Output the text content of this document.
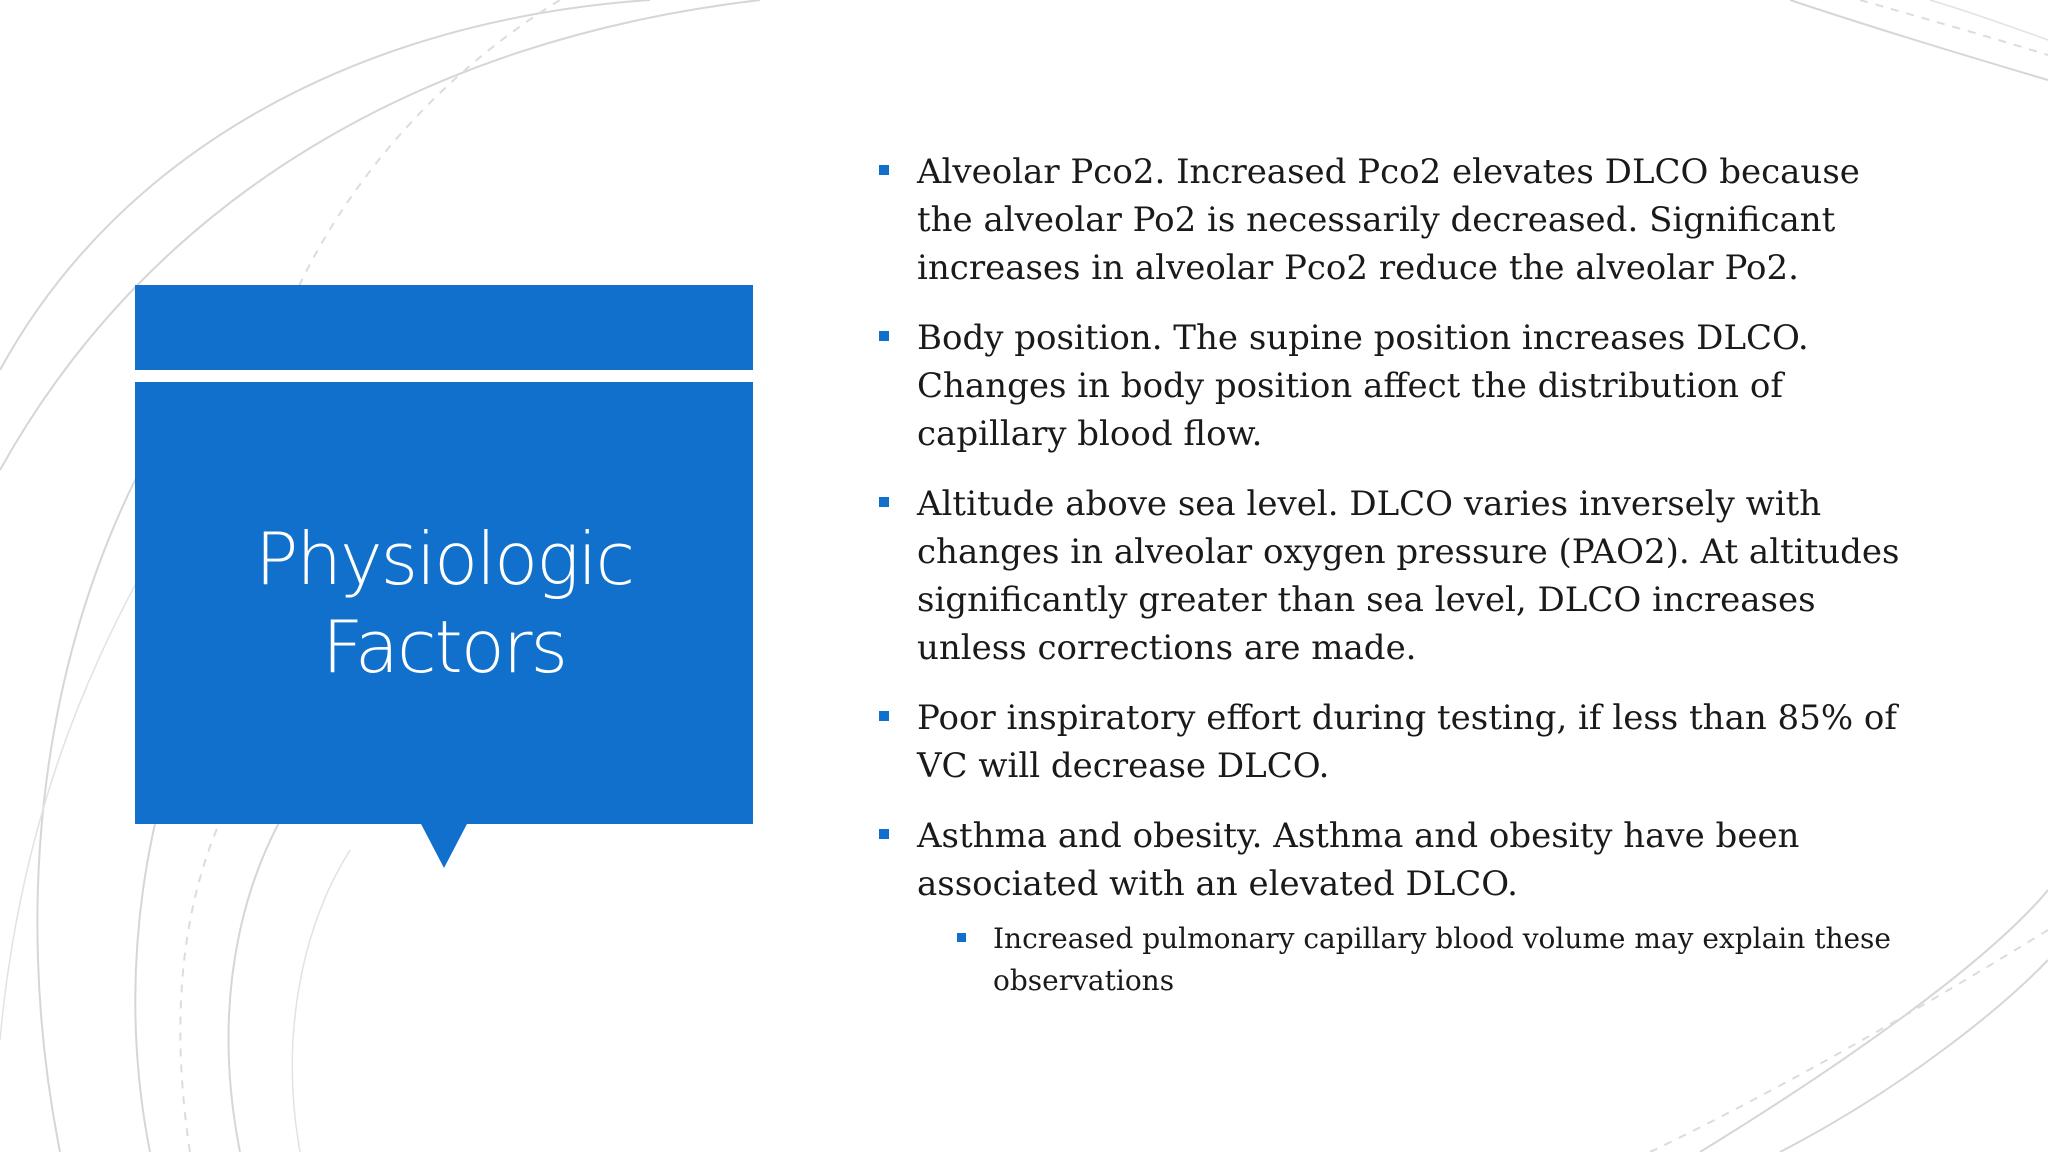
Physiologic Factors
Alveolar Pco2. Increased Pco2 elevates DLCO because the alveolar Po2 is necessarily decreased. Significant increases in alveolar Pco2 reduce the alveolar Po2.
Body position. The supine position increases DLCO. Changes in body position affect the distribution of capillary blood flow.
Altitude above sea level. DLCO varies inversely with changes in alveolar oxygen pressure (PAO2). At altitudes significantly greater than sea level, DLCO increases unless corrections are made.
Poor inspiratory effort during testing, if less than 85% of VC will decrease DLCO.
Asthma and obesity. Asthma and obesity have been associated with an elevated DLCO.
Increased pulmonary capillary blood volume may explain these observations
